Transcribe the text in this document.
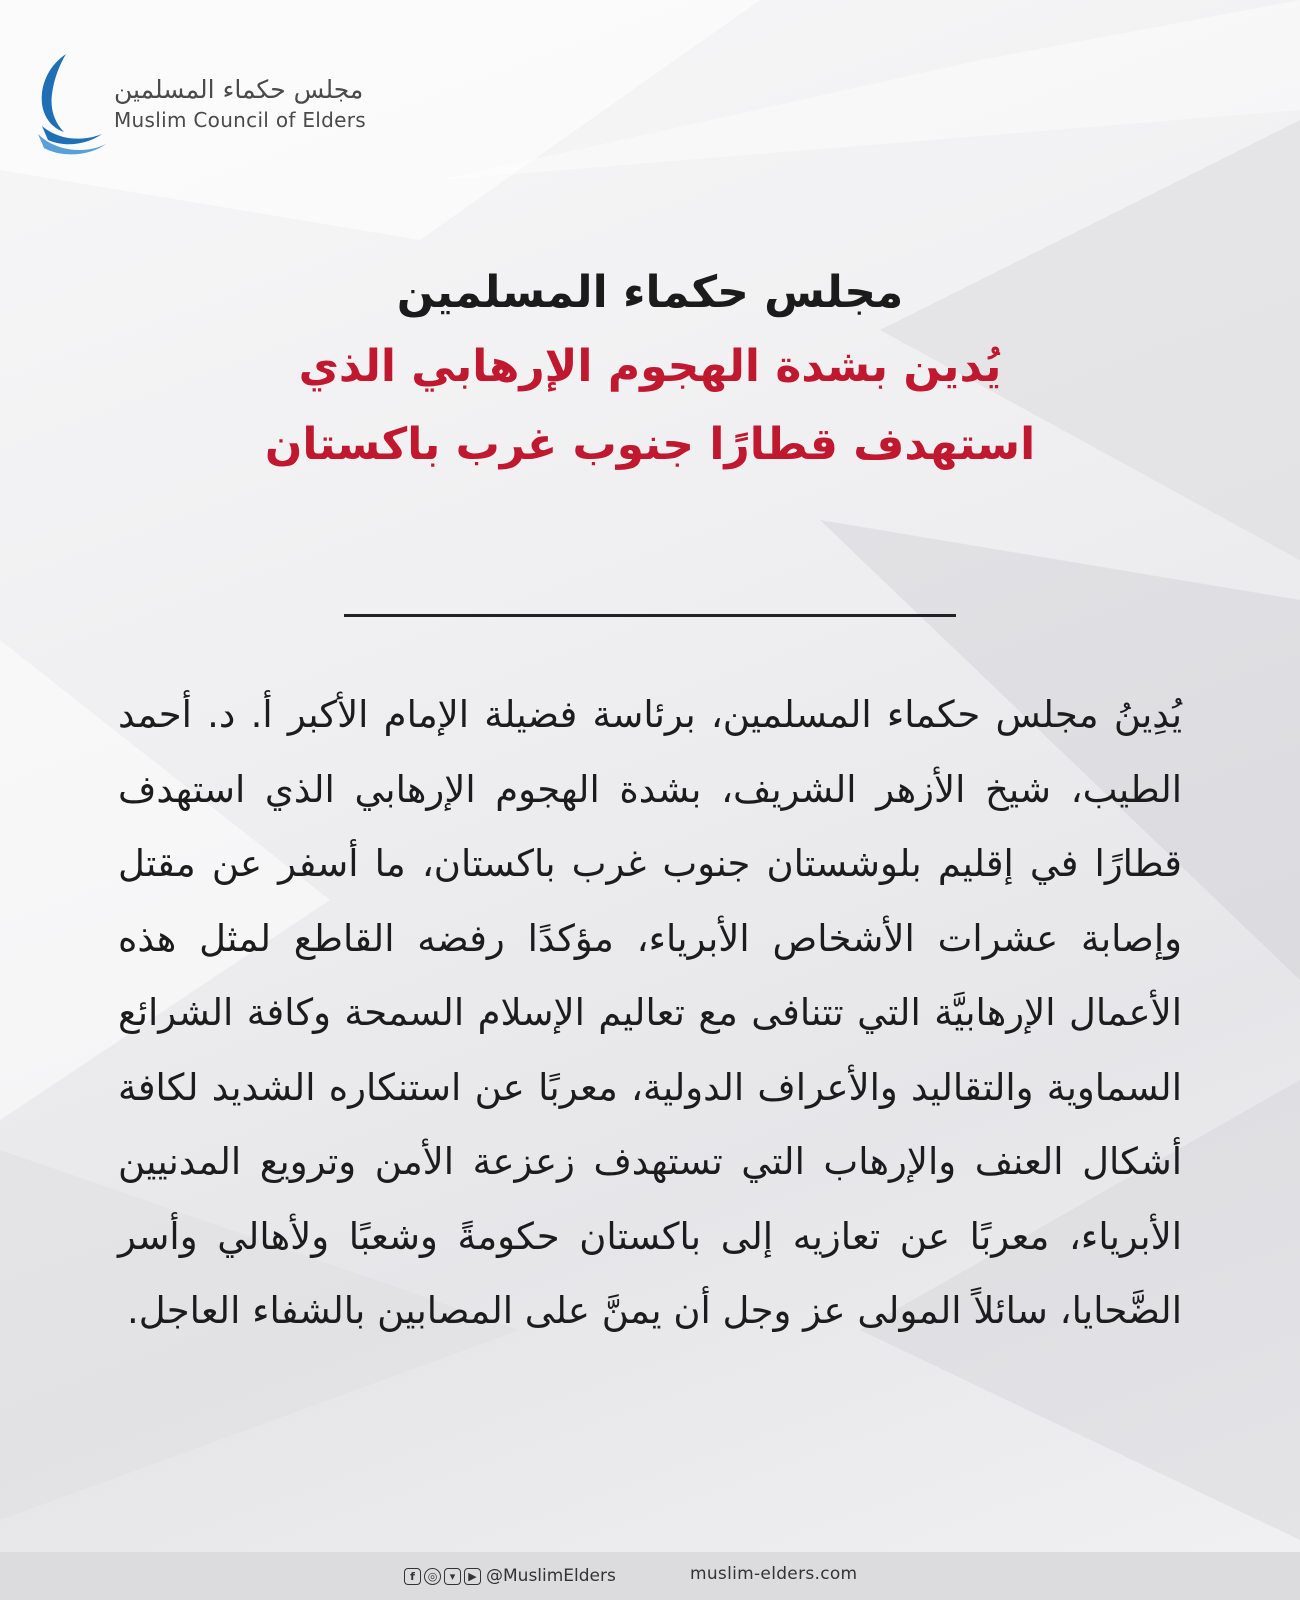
مجلس حكماء المسلمين
Muslim Council of Elders
مجلس حكماء المسلمين
يُدين بشدة الهجوم الإرهابي الذي
استهدف قطارًا جنوب غرب باكستان
يُدِينُ مجلس حكماء المسلمين، برئاسة فضيلة الإمام الأكبر أ. د. أحمد الطيب، شيخ الأزهر الشريف، بشدة الهجوم الإرهابي الذي استهدف قطارًا في إقليم بلوشستان جنوب غرب باكستان، ما أسفر عن مقتل وإصابة عشرات الأشخاص الأبرياء، مؤكدًا رفضه القاطع لمثل هذه الأعمال الإرهابيَّة التي تتنافى مع تعاليم الإسلام السمحة وكافة الشرائع السماوية والتقاليد والأعراف الدولية، معربًا عن استنكاره الشديد لكافة أشكال العنف والإرهاب التي تستهدف زعزعة الأمن وترويع المدنيين الأبرياء، معربًا عن تعازيه إلى باكستان حكومةً وشعبًا ولأهالي وأسر الضَّحايا، سائلاً المولى عز وجل أن يمنَّ على المصابين بالشفاء العاجل.
f	◎	▾	▶ @MuslimElders	muslim-elders.com
